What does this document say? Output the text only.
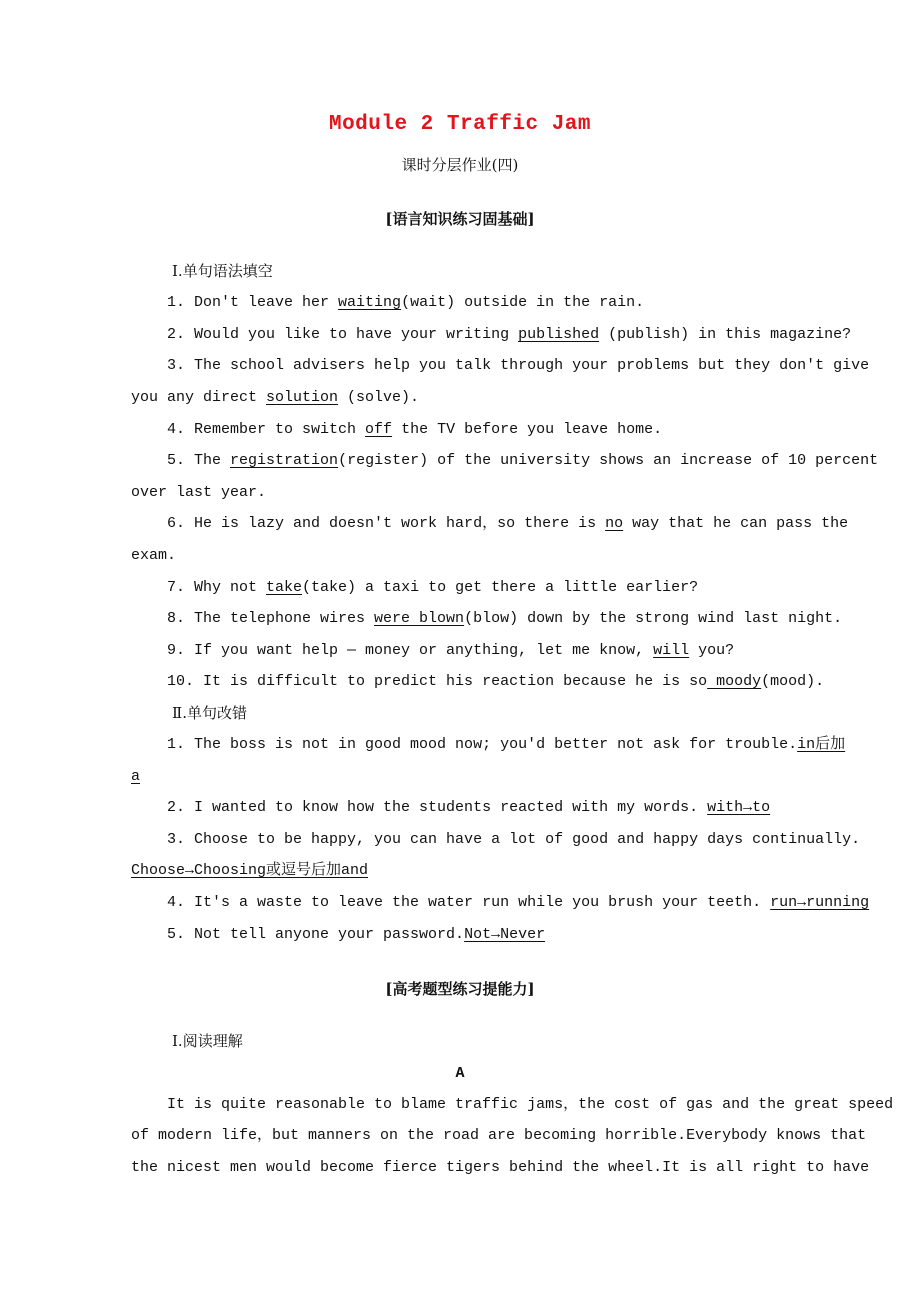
Module 2 Traffic Jam
课时分层作业(四)
[语言知识练习固基础]
Ⅰ.单句语法填空
1. Don′t leave her waiting(wait) outside in the rain.
2. Would you like to have your writing published (publish) in this magazine?
3. The school advisers help you talk through your problems but they don′t give
you any direct solution (solve).
4. Remember to switch off the TV before you leave home.
5. The registration(register) of the university shows an increase of 10 percent
over last year.
6. He is lazy and doesn′t work hard，so there is no way that he can pass the
exam.
7. Why not take(take) a taxi to get there a little earlier?
8. The telephone wires were blown(blow) down by the strong wind last night.
9. If you want help — money or anything, let me know, will you?
10. It is difficult to predict his reaction because he is so moody(mood).
Ⅱ.单句改错
1. The boss is not in good mood now; you′d better not ask for trouble.in后加
a
2. I wanted to know how the students reacted with my words. with→to
3. Choose to be happy, you can have a lot of good and happy days continually.
Choose→Choosing或逗号后加and
4. It′s a waste to leave the water run while you brush your teeth. run→running
5. Not tell anyone your password.Not→Never
[高考题型练习提能力]
Ⅰ.阅读理解
A
It is quite reasonable to blame traffic jams，the cost of gas and the great speed
of modern life，but manners on the road are becoming horrible.Everybody knows that
the nicest men would become fierce tigers behind the wheel.It is all right to have
